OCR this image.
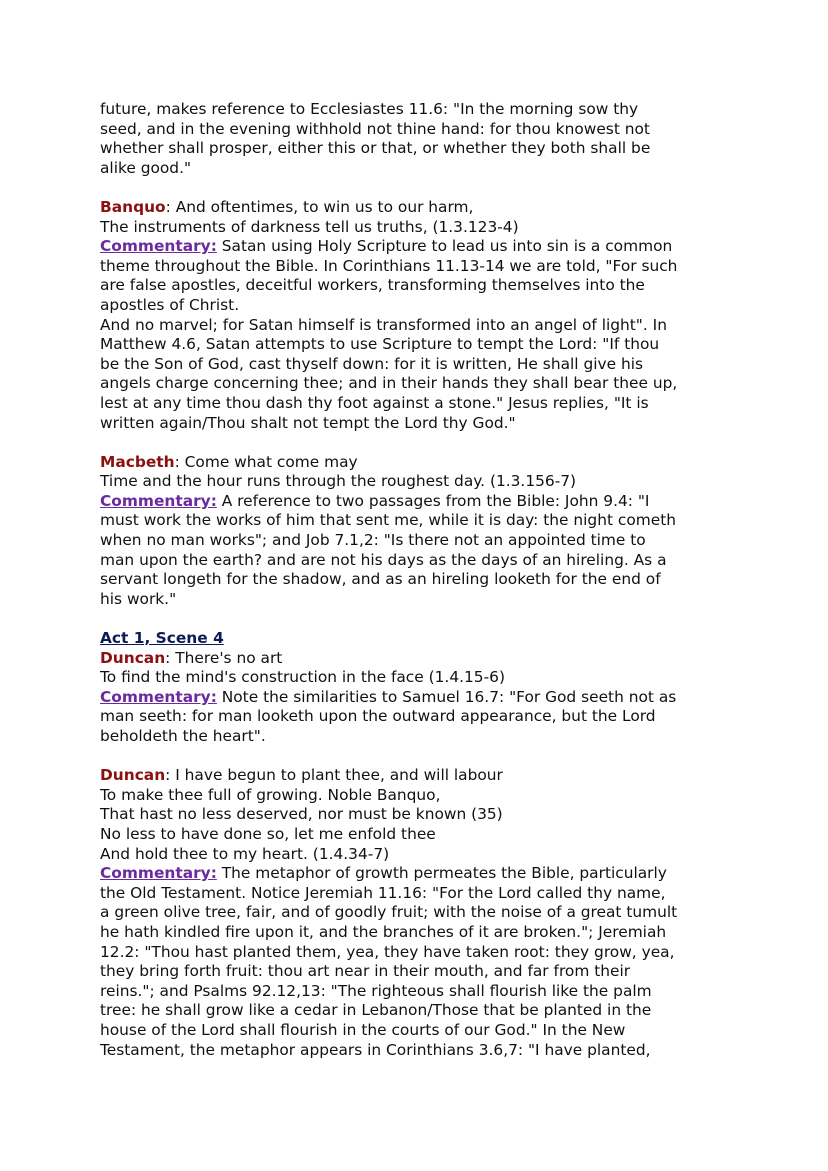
future, makes reference to Ecclesiastes 11.6: "In the morning sow thy
seed, and in the evening withhold not thine hand: for thou knowest not
whether shall prosper, either this or that, or whether they both shall be
alike good."
Banquo: And oftentimes, to win us to our harm,
The instruments of darkness tell us truths, (1.3.123-4)
Commentary: Satan using Holy Scripture to lead us into sin is a common
theme throughout the Bible. In Corinthians 11.13-14 we are told, "For such
are false apostles, deceitful workers, transforming themselves into the
apostles of Christ.
And no marvel; for Satan himself is transformed into an angel of light". In
Matthew 4.6, Satan attempts to use Scripture to tempt the Lord: "If thou
be the Son of God, cast thyself down: for it is written, He shall give his
angels charge concerning thee; and in their hands they shall bear thee up,
lest at any time thou dash thy foot against a stone." Jesus replies, "It is
written again/Thou shalt not tempt the Lord thy God."
Macbeth: Come what come may
Time and the hour runs through the roughest day. (1.3.156-7)
Commentary: A reference to two passages from the Bible: John 9.4: "I
must work the works of him that sent me, while it is day: the night cometh
when no man works"; and Job 7.1,2: "Is there not an appointed time to
man upon the earth? and are not his days as the days of an hireling. As a
servant longeth for the shadow, and as an hireling looketh for the end of
his work."
Act 1, Scene 4
Duncan: There's no art
To find the mind's construction in the face (1.4.15-6)
Commentary: Note the similarities to Samuel 16.7: "For God seeth not as
man seeth: for man looketh upon the outward appearance, but the Lord
beholdeth the heart".
Duncan: I have begun to plant thee, and will labour
To make thee full of growing. Noble Banquo,
That hast no less deserved, nor must be known (35)
No less to have done so, let me enfold thee
And hold thee to my heart. (1.4.34-7)
Commentary: The metaphor of growth permeates the Bible, particularly
the Old Testament. Notice Jeremiah 11.16: "For the Lord called thy name,
a green olive tree, fair, and of goodly fruit; with the noise of a great tumult
he hath kindled fire upon it, and the branches of it are broken."; Jeremiah
12.2: "Thou hast planted them, yea, they have taken root: they grow, yea,
they bring forth fruit: thou art near in their mouth, and far from their
reins."; and Psalms 92.12,13: "The righteous shall flourish like the palm
tree: he shall grow like a cedar in Lebanon/Those that be planted in the
house of the Lord shall flourish in the courts of our God." In the New
Testament, the metaphor appears in Corinthians 3.6,7: "I have planted,
